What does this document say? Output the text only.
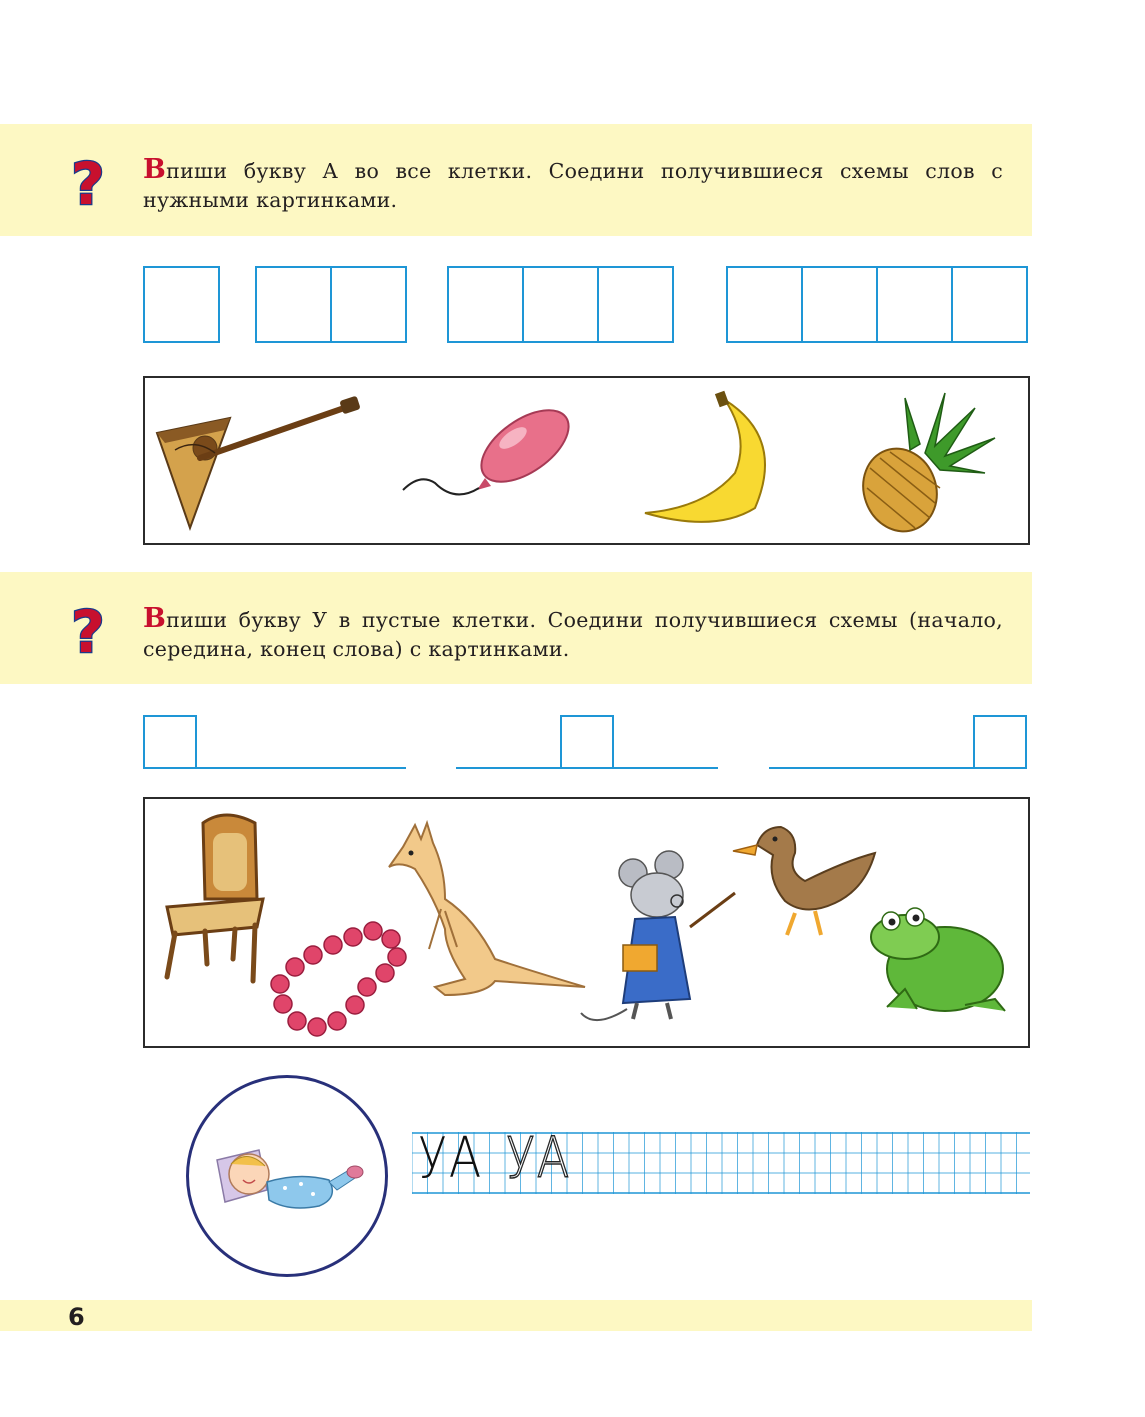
? Впиши букву А во все клетки. Соедини получившиеся схемы слов с нужными картинками.
? Впиши букву У в пустые клетки. Соедини получившиеся схемы (начало, середина, конец слова) с картинками.
УА УА
6
